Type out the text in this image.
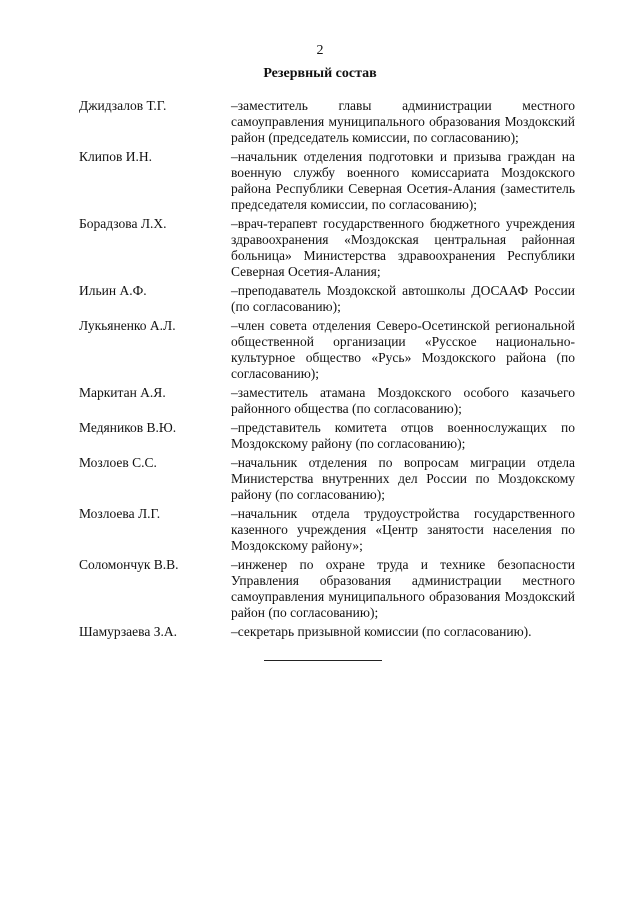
2
Резервный состав
Джидзалов Т.Г.	–заместитель главы администрации местного самоуправления муниципального образования Моздокский район (председатель комиссии, по согласованию);
Клипов И.Н.	–начальник отделения подготовки и призыва граждан на военную службу военного комиссариата Моздокского района Республики Северная Осетия-Алания (заместитель председателя комиссии, по согласованию);
Борадзова Л.Х.	–врач-терапевт государственного бюджетного учреждения здравоохранения «Моздокская центральная районная больница» Министерства здравоохранения Республики Северная Осетия-Алания;
Ильин А.Ф.	–преподаватель Моздокской автошколы ДОСААФ России (по согласованию);
Лукьяненко А.Л.	–член совета отделения Северо-Осетинской региональной общественной организации «Русское национально-культурное общество «Русь» Моздокского района (по согласованию);
Маркитан А.Я.	–заместитель атамана Моздокского особого казачьего районного общества (по согласованию);
Медяников В.Ю.	–представитель комитета отцов военнослужащих по Моздокскому району (по согласованию);
Мозлоев С.С.	–начальник отделения по вопросам миграции отдела Министерства внутренних дел России по Моздокскому району (по согласованию);
Мозлоева Л.Г.	–начальник отдела трудоустройства государственного казенного учреждения «Центр занятости населения по Моздокскому району»;
Соломончук В.В.	–инженер по охране труда и технике безопасности Управления образования администрации местного самоуправления муниципального образования Моздокский район (по согласованию);
Шамурзаева З.А.	–секретарь призывной комиссии (по согласованию).
